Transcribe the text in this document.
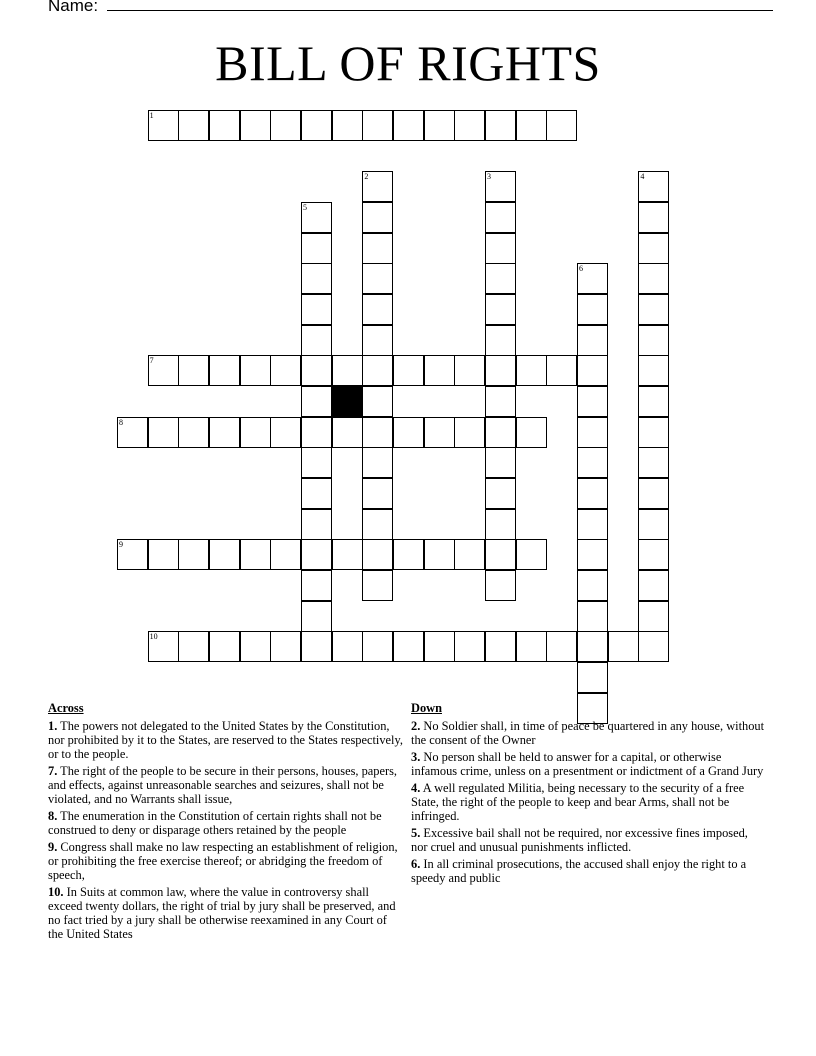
Name:
BILL OF RIGHTS
1
2	3	4
5
6
7
8
9
10
Across
1. The powers not delegated to the United States by the Constitution, nor prohibited by it to the States, are reserved to the States respectively, or to the people.
7. The right of the people to be secure in their persons, houses, papers, and effects, against unreasonable searches and seizures, shall not be violated, and no Warrants shall issue,
8. The enumeration in the Constitution of certain rights shall not be construed to deny or disparage others retained by the people
9. Congress shall make no law respecting an establishment of religion, or prohibiting the free exercise thereof; or abridging the freedom of speech,
10. In Suits at common law, where the value in controversy shall exceed twenty dollars, the right of trial by jury shall be preserved, and no fact tried by a jury shall be otherwise reexamined in any Court of the United States
Down
2. No Soldier shall, in time of peace be quartered in any house, without the consent of the Owner
3. No person shall be held to answer for a capital, or otherwise infamous crime, unless on a presentment or indictment of a Grand Jury
4. A well regulated Militia, being necessary to the security of a free State, the right of the people to keep and bear Arms, shall not be infringed.
5. Excessive bail shall not be required, nor excessive fines imposed, nor cruel and unusual punishments inflicted.
6. In all criminal prosecutions, the accused shall enjoy the right to a speedy and public
